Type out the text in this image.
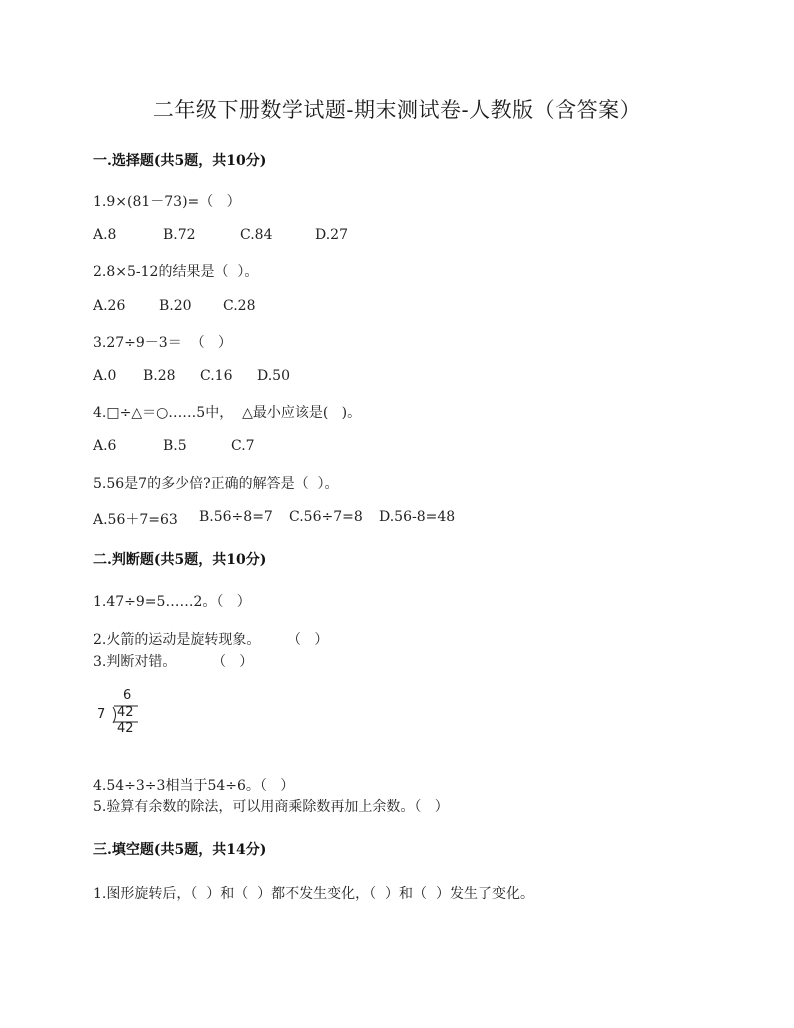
二年级下册数学试题-期末测试卷-人教版（含答案）
一.选择题(共5题，共10分)
1.9×(81－73)=（   ）
A.8	B.72	C.84	D.27
2.8×5-12的结果是（  ）。
A.26 B.20 C.28
3.27÷9－3＝  （   ）
A.0 B.28 C.16 D.50
4.□÷△＝○……5中，  △最小应该是(   )。
A.6	B.5	C.7
5.56是7的多少倍?正确的解答是（  ）。
A.56＋7=63 B.56÷8=7 C.56÷7=8 D.56-8=48
二.判断题(共5题，共10分)
1.47÷9=5……2。（   ）
2.火箭的运动是旋转现象。      （   ）
3.判断对错。        （   ）
6
7 42
42
4.54÷3÷3相当于54÷6。（   ）
5.验算有余数的除法，可以用商乘除数再加上余数。（   ）
三.填空题(共5题，共14分)
1.图形旋转后，（  ）和（  ）都不发生变化，（  ）和（  ）发生了变化。
